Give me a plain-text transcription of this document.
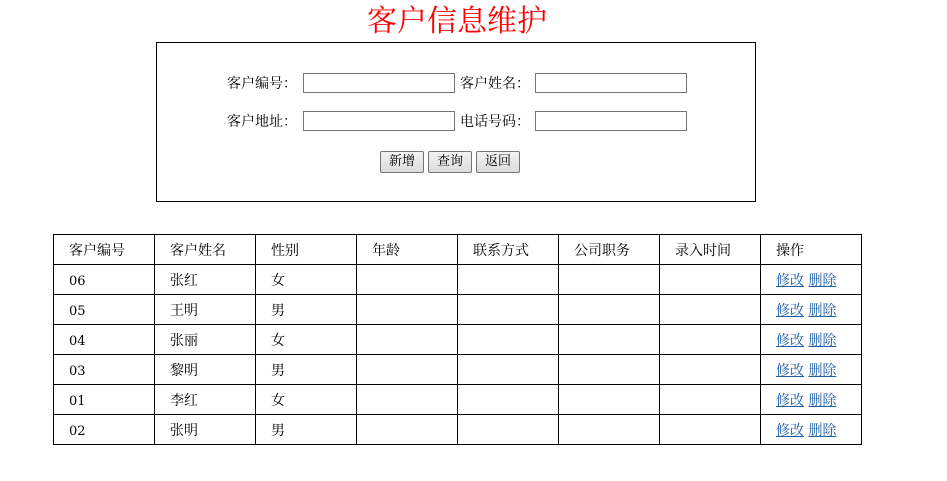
客户信息维护
客户编号：	客户姓名：
客户地址：	电话号码：
新增	查询	返回
客户编号	客户姓名	性别	年龄	联系方式	公司职务	录入时间	操作
06	张红	女					修改 删除
05	王明	男					修改 删除
04	张丽	女					修改 删除
03	黎明	男					修改 删除
01	李红	女					修改 删除
02	张明	男					修改 删除
